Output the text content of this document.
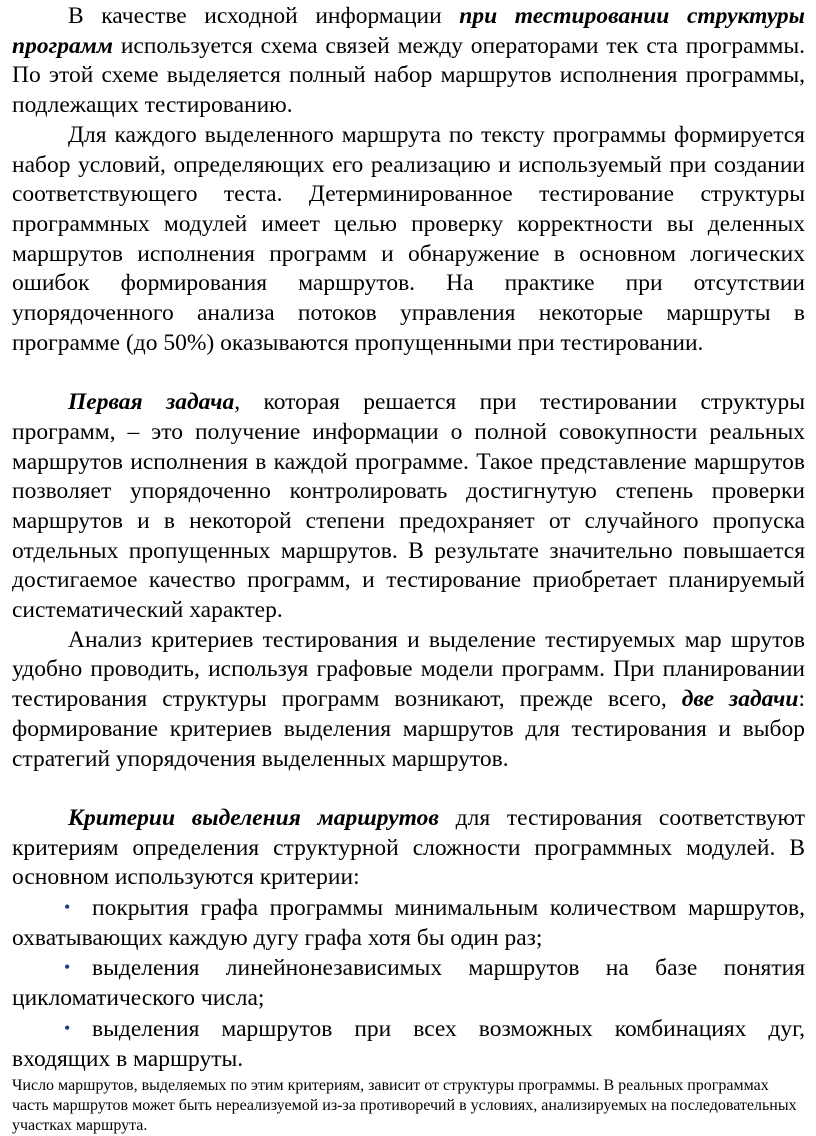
В качестве исходной информации при тестировании структуры программ используется схема связей между операторами тек ста программы. По этой схеме выделяется полный набор маршрутов исполнения программы, подлежащих тестированию.

Для каждого выделенного маршрута по тексту программы формируется набор условий, определяющих его реализацию и используемый при создании соответствующего теста. Детерминированное тестирование структуры программных модулей имеет целью проверку корректности вы деленных маршрутов исполнения программ и обнаружение в основном логических ошибок формирования маршрутов. На практике при отсутствии упорядоченного анализа потоков управления некоторые маршруты в программе (до 50%) оказываются пропущенными при тестировании.

Первая задача, которая решается при тестировании структуры программ, – это получение информации о полной совокупности реальных маршрутов исполнения в каждой программе. Такое представление маршрутов позволяет упорядоченно контролировать достигнутую степень проверки маршрутов и в некоторой степени предохраняет от случайного пропуска отдельных пропущенных маршрутов. В результате значительно повышается достигаемое качество программ, и тестирование приобретает планируемый систематический характер.

Анализ критериев тестирования и выделение тестируемых мар шрутов удобно проводить, используя графовые модели программ. При планировании тестирования структуры программ возникают, прежде всего, две задачи: формирование критериев выделения маршрутов для тестирования и выбор стратегий упорядочения выделенных маршрутов.

Критерии выделения маршрутов для тестирования соответствуют критериям определения структурной сложности программных модулей. В основном используются критерии:

• покрытия графа программы минимальным количеством маршрутов, охватывающих каждую дугу графа хотя бы один раз;
• выделения линейнонезависимых маршрутов на базе понятия цикломатического числа;
• выделения маршрутов при всех возможных комбинациях дуг, входящих в маршруты.

Число маршрутов, выделяемых по этим критериям, зависит от структуры программы. В реальных программах часть маршрутов может быть нереализуемой из-за противоречий в условиях, анализируемых на последовательных участках маршрута.
